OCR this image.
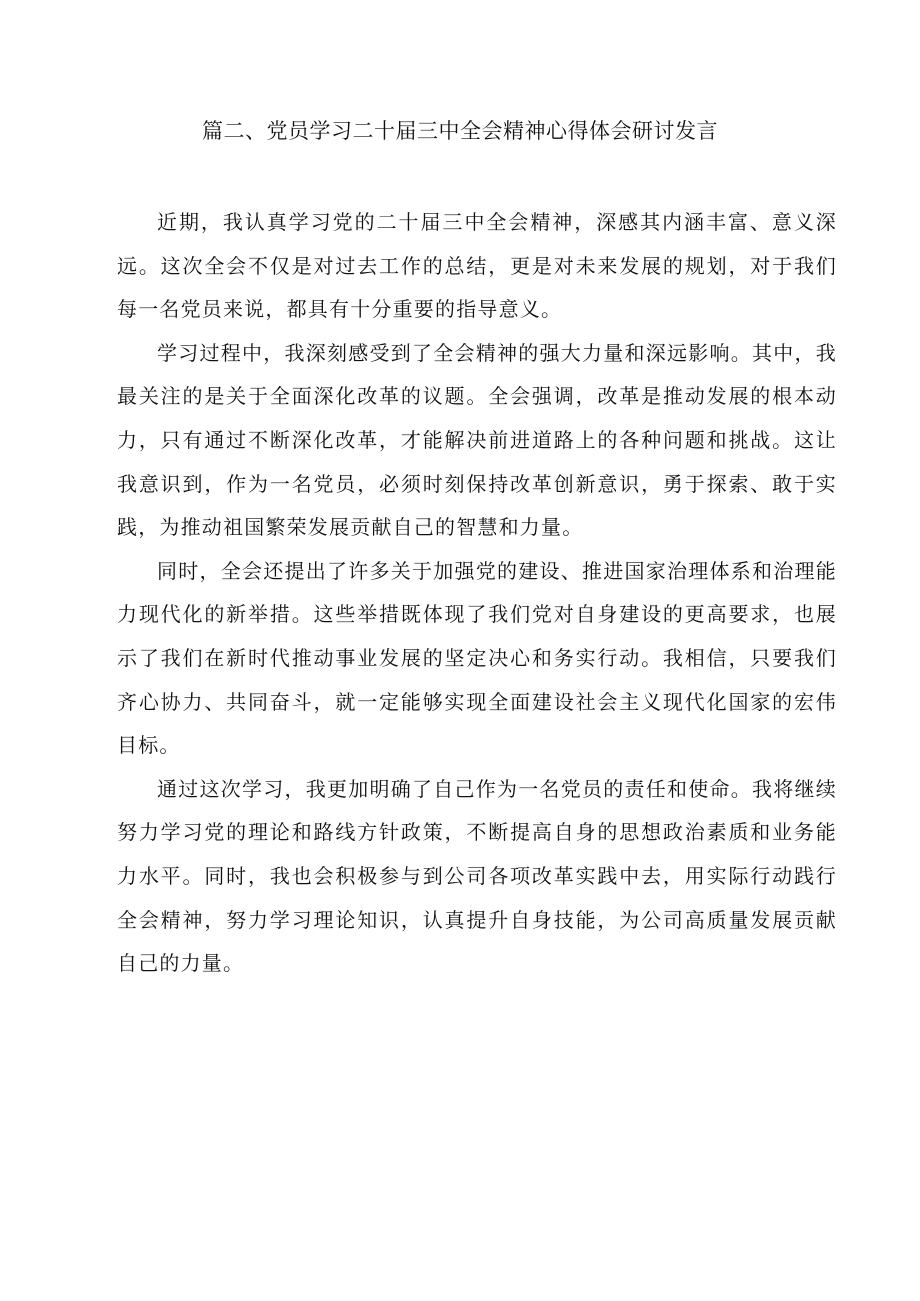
篇二、党员学习二十届三中全会精神心得体会研讨发言

近期，我认真学习党的二十届三中全会精神，深感其内涵丰富、意义深远。这次全会不仅是对过去工作的总结，更是对未来发展的规划，对于我们每一名党员来说，都具有十分重要的指导意义。

学习过程中，我深刻感受到了全会精神的强大力量和深远影响。其中，我最关注的是关于全面深化改革的议题。全会强调，改革是推动发展的根本动力，只有通过不断深化改革，才能解决前进道路上的各种问题和挑战。这让我意识到，作为一名党员，必须时刻保持改革创新意识，勇于探索、敢于实践，为推动祖国繁荣发展贡献自己的智慧和力量。

同时，全会还提出了许多关于加强党的建设、推进国家治理体系和治理能力现代化的新举措。这些举措既体现了我们党对自身建设的更高要求，也展示了我们在新时代推动事业发展的坚定决心和务实行动。我相信，只要我们齐心协力、共同奋斗，就一定能够实现全面建设社会主义现代化国家的宏伟目标。

通过这次学习，我更加明确了自己作为一名党员的责任和使命。我将继续努力学习党的理论和路线方针政策，不断提高自身的思想政治素质和业务能力水平。同时，我也会积极参与到公司各项改革实践中去，用实际行动践行全会精神，努力学习理论知识，认真提升自身技能，为公司高质量发展贡献自己的力量。
